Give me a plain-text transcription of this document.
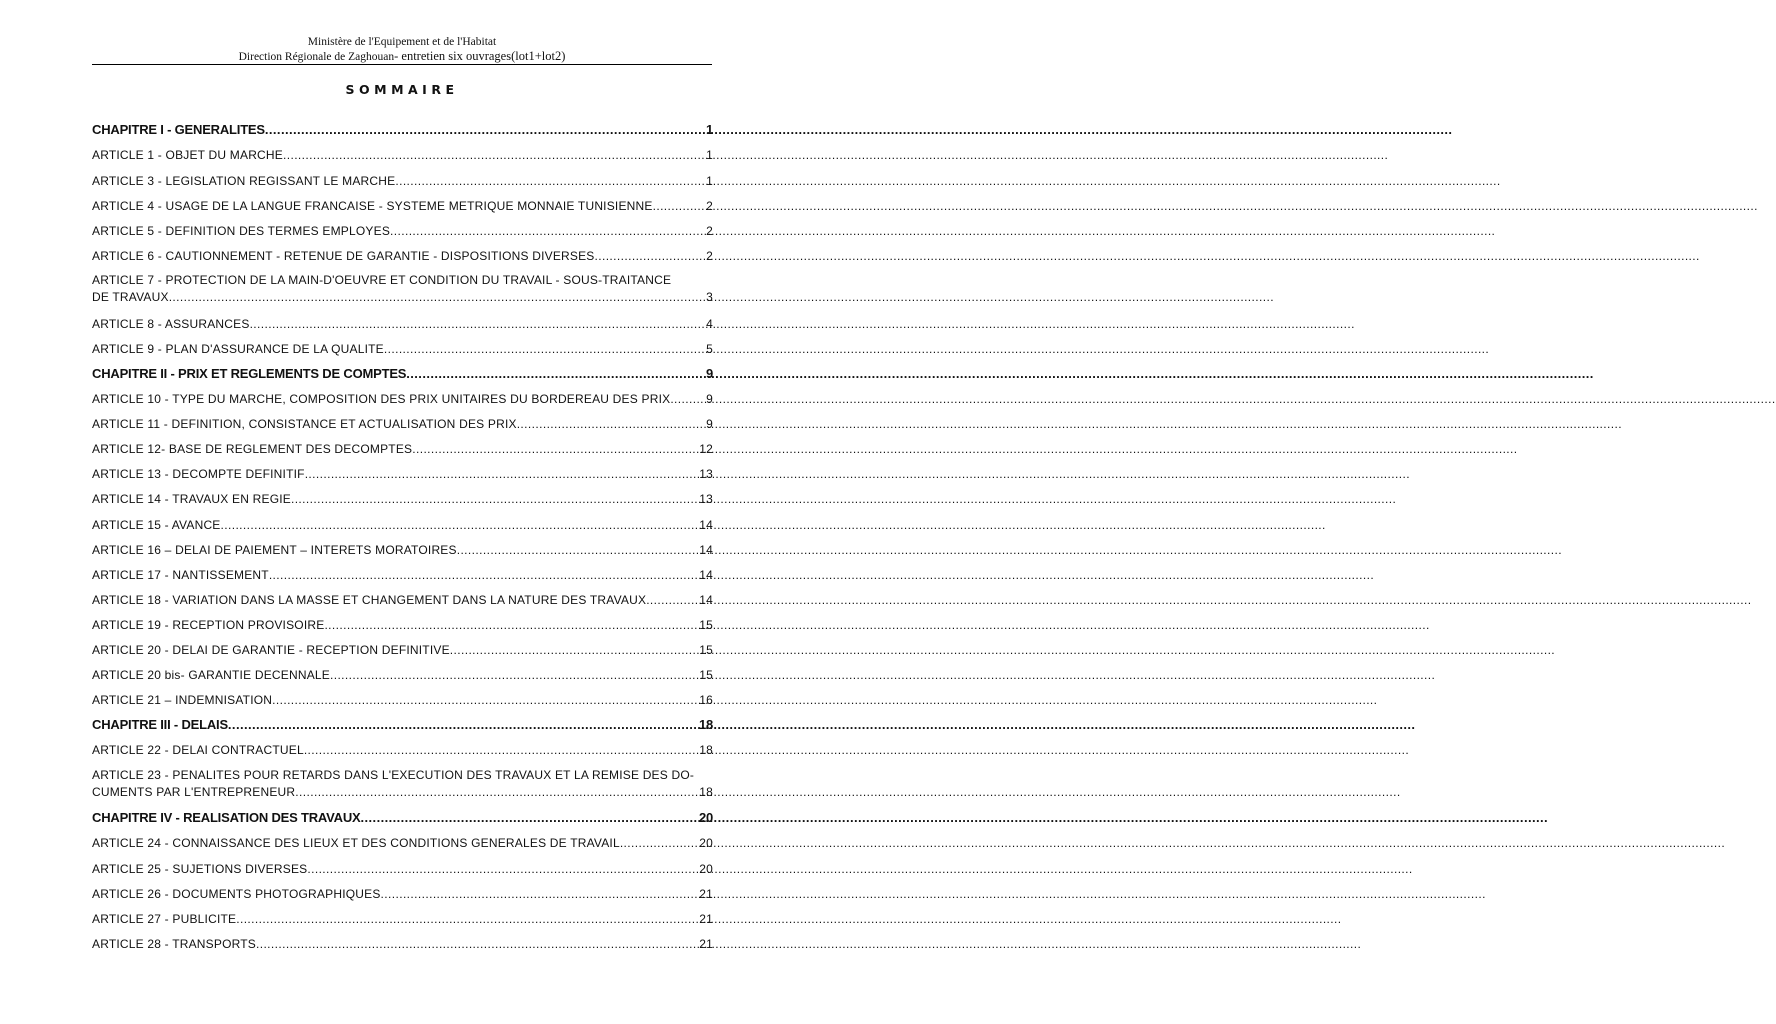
Ministère de l'Equipement et de l'Habitat
Direction Régionale de Zaghouan- entretien six ouvrages(lot1+lot2)
SOMMAIRE
CHAPITRE I - GENERALITES .....	1
ARTICLE 1 - OBJET DU MARCHE .....	1
ARTICLE 3 - LEGISLATION REGISSANT LE MARCHE .....	1
ARTICLE 4 - USAGE DE LA LANGUE FRANCAISE - SYSTEME METRIQUE MONNAIE TUNISIENNE .....	2
ARTICLE 5 - DEFINITION DES TERMES EMPLOYES .....	2
ARTICLE 6 - CAUTIONNEMENT - RETENUE DE GARANTIE - DISPOSITIONS DIVERSES .....	2
ARTICLE 7 - PROTECTION DE LA MAIN-D'OEUVRE ET CONDITION DU TRAVAIL - SOUS-TRAITANCE
DE TRAVAUX .....	3
ARTICLE 8 - ASSURANCES .....	4
ARTICLE 9 - PLAN D'ASSURANCE DE LA QUALITE .....	5
CHAPITRE II - PRIX ET REGLEMENTS DE COMPTES .....	9
ARTICLE 10 - TYPE DU MARCHE, COMPOSITION DES PRIX UNITAIRES DU BORDEREAU DES PRIX .....	9
ARTICLE 11 - DEFINITION, CONSISTANCE ET ACTUALISATION DES PRIX .....	9
ARTICLE 12- BASE DE REGLEMENT DES DECOMPTES .....	12
ARTICLE 13 - DECOMPTE DEFINITIF .....	13
ARTICLE 14 - TRAVAUX EN REGIE .....	13
ARTICLE 15 - AVANCE .....	14
ARTICLE 16 – DELAI DE PAIEMENT – INTERETS MORATOIRES .....	14
ARTICLE 17 - NANTISSEMENT .....	14
ARTICLE 18 - VARIATION DANS LA MASSE ET CHANGEMENT DANS LA NATURE DES TRAVAUX .....	14
ARTICLE 19 - RECEPTION PROVISOIRE .....	15
ARTICLE 20 - DELAI DE GARANTIE - RECEPTION DEFINITIVE .....	15
ARTICLE 20 bis- GARANTIE DECENNALE .....	15
ARTICLE 21 – INDEMNISATION .....	16
CHAPITRE III - DELAIS .....	18
ARTICLE 22 - DELAI CONTRACTUEL .....	18
ARTICLE 23 - PENALITES POUR RETARDS DANS L'EXECUTION DES TRAVAUX ET LA REMISE DES DO-
CUMENTS PAR L'ENTREPRENEUR .....	18
CHAPITRE IV - REALISATION DES TRAVAUX .....	20
ARTICLE 24 - CONNAISSANCE DES LIEUX ET DES CONDITIONS GENERALES DE TRAVAIL .....	20
ARTICLE 25 - SUJETIONS DIVERSES .....	20
ARTICLE 26 - DOCUMENTS PHOTOGRAPHIQUES .....	21
ARTICLE 27 - PUBLICITE .....	21
ARTICLE 28 - TRANSPORTS .....	21
